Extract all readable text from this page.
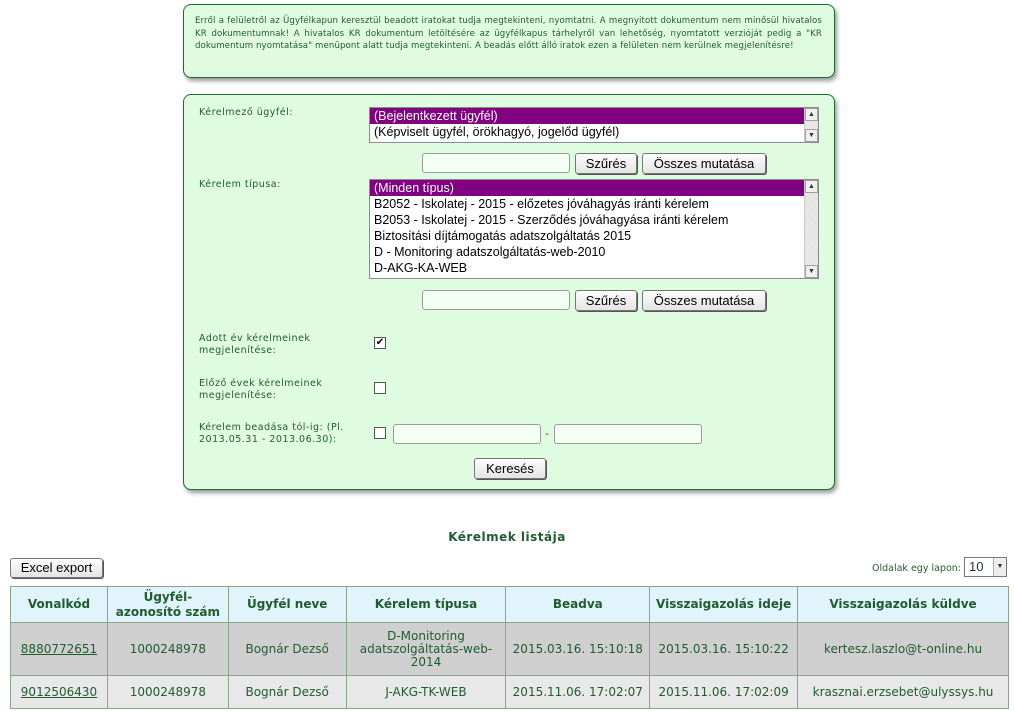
Erről a felületről az Ügyfélkapun keresztül beadott iratokat tudja megtekinteni, nyomtatni. A megnyitott dokumentum nem minősül hivatalos KR dokumentumnak! A hivatalos KR dokumentum letöltésére az ügyfélkapus tárhelyről van lehetőség, nyomtatott verzióját pedig a "KR dokumentum nyomtatása" menüpont alatt tudja megtekinteni. A beadás előtt álló iratok ezen a felületen nem kerülnek megjelenítésre!
Kérelmező ügyfél:	(Bejelentkezett ügyfél)
(Képviselt ügyfél, örökhagyó, jogelőd ügyfél)
▲
▼
Szűrés	Összes mutatása
Kérelem típusa:	(Minden típus)
B2052 - Iskolatej - 2015 - előzetes jóváhagyás iránti kérelem
B2053 - Iskolatej - 2015 - Szerződés jóváhagyása iránti kérelem
Biztosítási díjtámogatás adatszolgáltatás 2015
D - Monitoring adatszolgáltatás-web-2010
D-AKG-KA-WEB
▲
▼
Szűrés	Összes mutatása
Adott év kérelmeinek megjelenítése:
✔
Előző évek kérelmeinek megjelenítése:
Kérelem beadása tól-ig: (Pl. 2013.05.31 - 2013.06.30):	-
Keresés
Kérelmek listája
Excel export	Oldalak egy lapon: 10	▼
Vonalkód	Ügyfél-azonosító szám	Ügyfél neve	Kérelem típusa	Beadva	Visszaigazolás ideje	Visszaigazolás küldve
8880772651	1000248978	Bognár Dezső	D-Monitoring adatszolgáltatás-web-2014	2015.03.16. 15:10:18	2015.03.16. 15:10:22	kertesz.laszlo@t-online.hu
9012506430	1000248978	Bognár Dezső	J-AKG-TK-WEB	2015.11.06. 17:02:07	2015.11.06. 17:02:09	krasznai.erzsebet@ulyssys.hu
